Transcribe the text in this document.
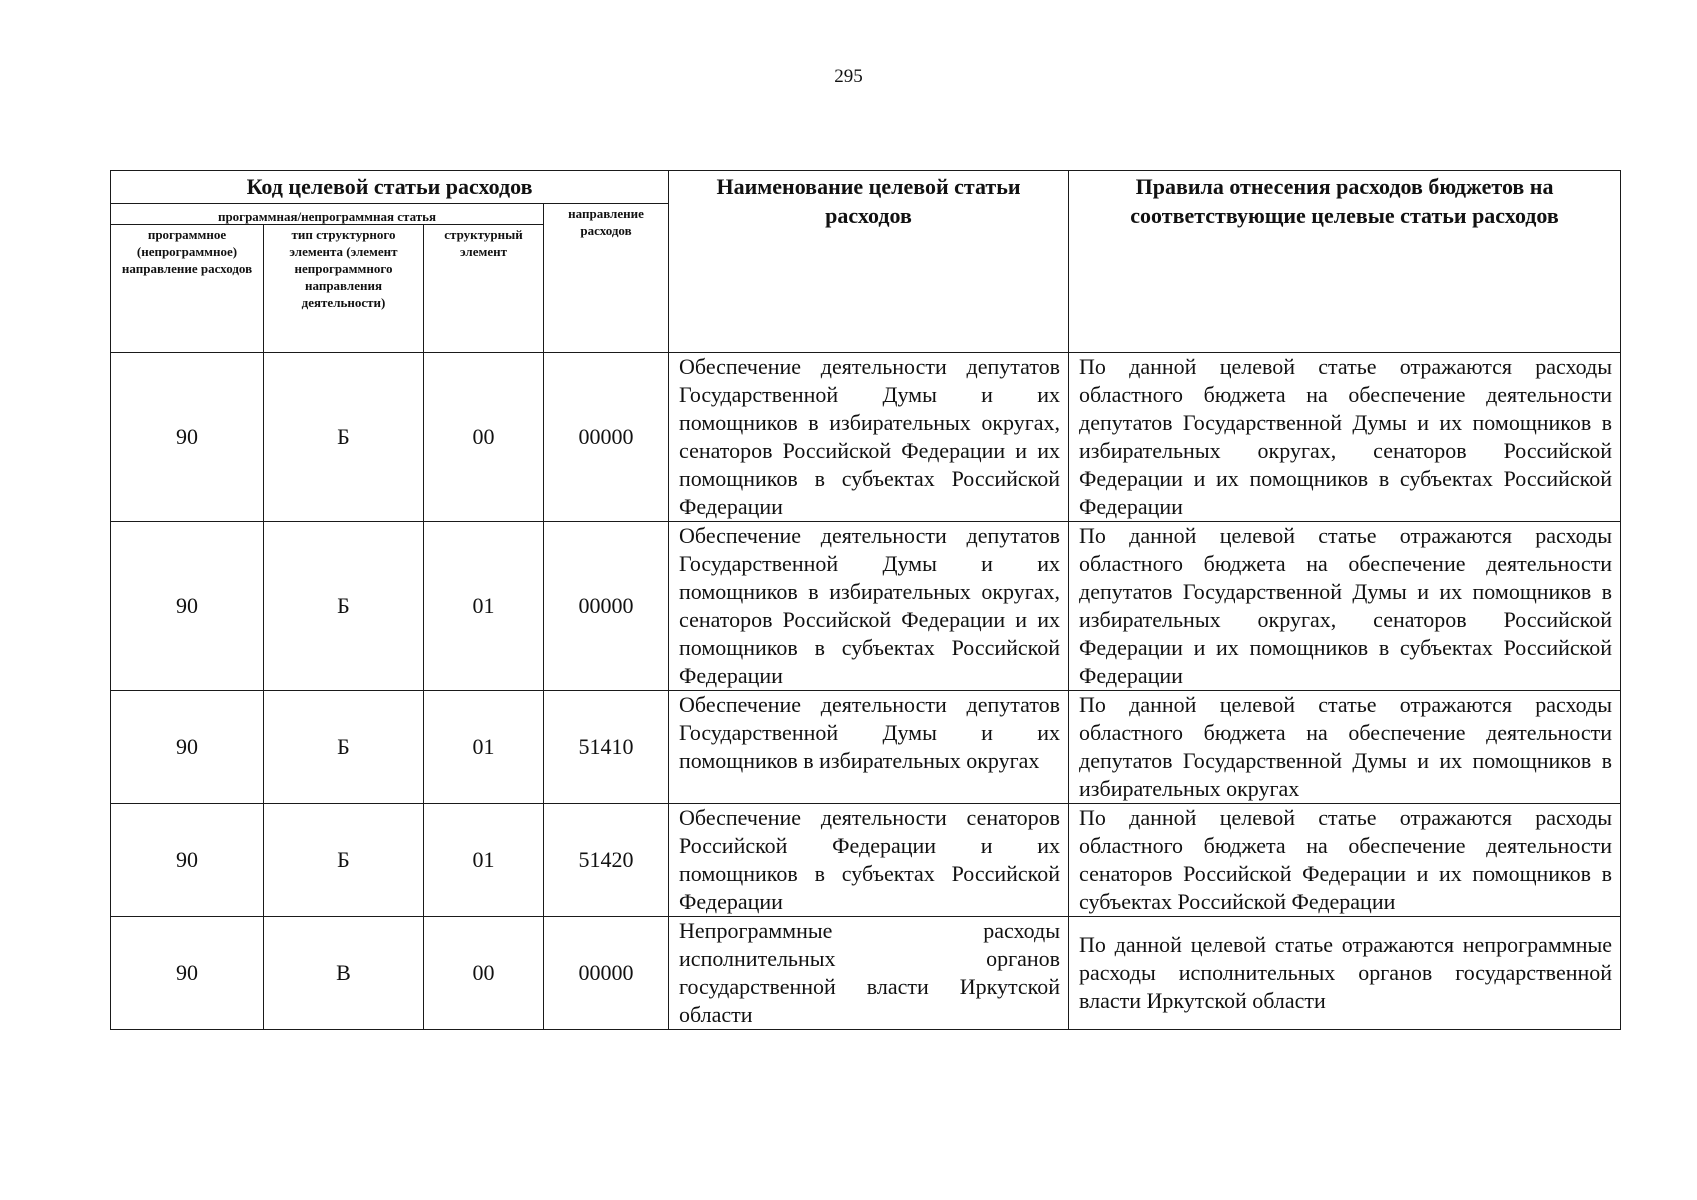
295
Код целевой статьи расходов				Наименование целевой статьи расходов	Правила отнесения расходов бюджетов на соответствующие целевые статьи расходов
программная/непрограммная статья			направление расходов		
программное (непрограммное) направление расходов	тип структурного элемента (элемент непрограммного направления деятельности)	структурный элемент			
90	Б	00	00000	Обеспечение деятельности депутатов Государственной Думы и их помощников в избирательных округах, сенаторов Российской Федерации и их помощников в субъектах Российской Федерации	По данной целевой статье отражаются расходы областного бюджета на обеспечение деятельности депутатов Государственной Думы и их помощников в избирательных округах, сенаторов Российской Федерации и их помощников в субъектах Российской Федерации
90	Б	01	00000	Обеспечение деятельности депутатов Государственной Думы и их помощников в избирательных округах, сенаторов Российской Федерации и их помощников в субъектах Российской Федерации	По данной целевой статье отражаются расходы областного бюджета на обеспечение деятельности депутатов Государственной Думы и их помощников в избирательных округах, сенаторов Российской Федерации и их помощников в субъектах Российской Федерации
90	Б	01	51410	Обеспечение деятельности депутатов Государственной Думы и их помощников в избирательных округах	По данной целевой статье отражаются расходы областного бюджета на обеспечение деятельности депутатов Государственной Думы и их помощников в избирательных округах
90	Б	01	51420	Обеспечение деятельности сенаторов Российской Федерации и их помощников в субъектах Российской Федерации	По данной целевой статье отражаются расходы областного бюджета на обеспечение деятельности сенаторов Российской Федерации и их помощников в субъектах Российской Федерации
90	В	00	00000	Непрограммные расходы исполнительных органов государственной власти Иркутской области	По данной целевой статье отражаются непрограммные расходы исполнительных органов государственной власти Иркутской области
